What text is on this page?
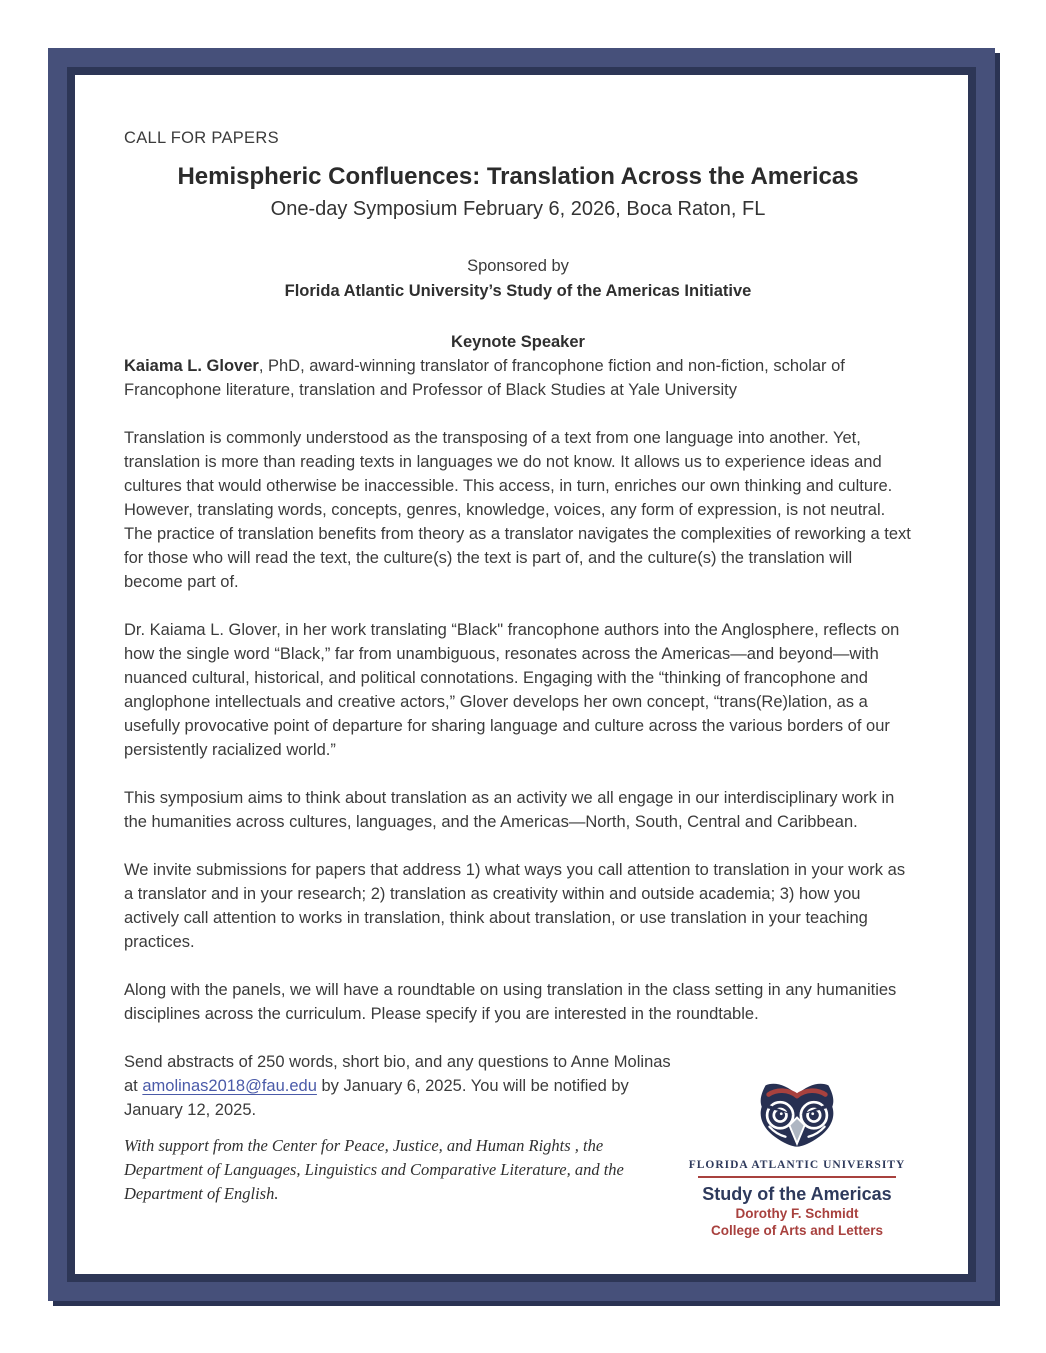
CALL FOR PAPERS
Hemispheric Confluences: Translation Across the Americas
One-day Symposium February 6, 2026, Boca Raton, FL
Sponsored by
Florida Atlantic University’s Study of the Americas Initiative
Keynote Speaker

Kaiama L. Glover, PhD, award-winning translator of francophone fiction and non-fiction, scholar of Francophone literature, translation and Professor of Black Studies at Yale University

Translation is commonly understood as the transposing of a text from one language into another. Yet, translation is more than reading texts in languages we do not know. It allows us to experience ideas and cultures that would otherwise be inaccessible. This access, in turn, enriches our own thinking and culture. However, translating words, concepts, genres, knowledge, voices, any form of expression, is not neutral. The practice of translation benefits from theory as a translator navigates the complexities of reworking a text for those who will read the text, the culture(s) the text is part of, and the culture(s) the translation will become part of.

Dr. Kaiama L. Glover, in her work translating “Black" francophone authors into the Anglosphere, reflects on how the single word “Black,” far from unambiguous, resonates across the Americas—and beyond—with nuanced cultural, historical, and political connotations. Engaging with the “thinking of francophone and anglophone intellectuals and creative actors,” Glover develops her own concept, “trans(Re)lation, as a usefully provocative point of departure for sharing language and culture across the various borders of our persistently racialized world.”

This symposium aims to think about translation as an activity we all engage in our interdisciplinary work in the humanities across cultures, languages, and the Americas—North, South, Central and Caribbean.

We invite submissions for papers that address 1) what ways you call attention to translation in your work as a translator and in your research; 2) translation as creativity within and outside academia; 3) how you actively call attention to works in translation, think about translation, or use translation in your teaching practices.

Along with the panels, we will have a roundtable on using translation in the class setting in any humanities disciplines across the curriculum. Please specify if you are interested in the roundtable.

Send abstracts of 250 words, short bio, and any questions to Anne Molinas at amolinas2018@fau.edu by January 6, 2025. You will be notified by January 12, 2025.

With support from the Center for Peace, Justice, and Human Rights , the Department of Languages, Linguistics and Comparative Literature, and the Department of English.

FLORIDA ATLANTIC UNIVERSITY
Study of the Americas
Dorothy F. Schmidt
College of Arts and Letters
